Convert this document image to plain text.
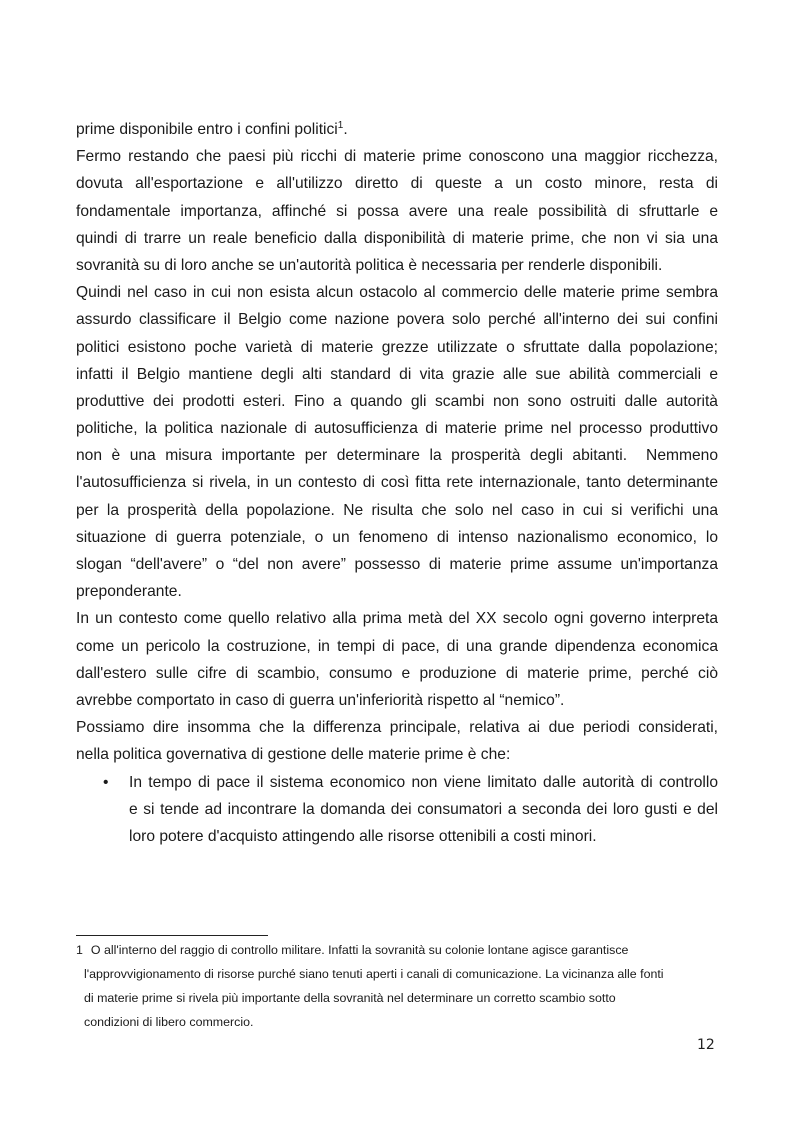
prime disponibile entro i confini politici$^1$.
Fermo restando che paesi più ricchi di materie prime conoscono una maggior ricchezza,
dovuta all'esportazione e all'utilizzo diretto di queste a un costo minore, resta di
fondamentale importanza, affinché si possa avere una reale possibilità di sfruttarle e
quindi di trarre un reale beneficio dalla disponibilità di materie prime, che non vi sia una
sovranità su di loro anche se un'autorità politica è necessaria per renderle disponibili.
Quindi nel caso in cui non esista alcun ostacolo al commercio delle materie prime sembra
assurdo classificare il Belgio come nazione povera solo perché all'interno dei sui confini
politici esistono poche varietà di materie grezze utilizzate o sfruttate dalla popolazione;
infatti il Belgio mantiene degli alti standard di vita grazie alle sue abilità commerciali e
produttive dei prodotti esteri. Fino a quando gli scambi non sono ostruiti dalle autorità
politiche, la politica nazionale di autosufficienza di materie prime nel processo produttivo
non è una misura importante per determinare la prosperità degli abitanti.  Nemmeno
l'autosufficienza si rivela, in un contesto di così fitta rete internazionale, tanto determinante
per la prosperità della popolazione. Ne risulta che solo nel caso in cui si verifichi una
situazione di guerra potenziale, o un fenomeno di intenso nazionalismo economico, lo
slogan “dell'avere” o “del non avere” possesso di materie prime assume un'importanza
preponderante.
In un contesto come quello relativo alla prima metà del XX secolo ogni governo interpreta
come un pericolo la costruzione, in tempi di pace, di una grande dipendenza economica
dall'estero sulle cifre di scambio, consumo e produzione di materie prime, perché ciò
avrebbe comportato in caso di guerra un'inferiorità rispetto al “nemico”.
Possiamo dire insomma che la differenza principale, relativa ai due periodi considerati,
nella politica governativa di gestione delle materie prime è che:
• In tempo di pace il sistema economico non viene limitato dalle autorità di controllo
e si tende ad incontrare la domanda dei consumatori a seconda dei loro gusti e del
loro potere d'acquisto attingendo alle risorse ottenibili a costi minori.
1 O all'interno del raggio di controllo militare. Infatti la sovranità su colonie lontane agisce garantisce
l'approvvigionamento di risorse purché siano tenuti aperti i canali di comunicazione. La vicinanza alle fonti
di materie prime si rivela più importante della sovranità nel determinare un corretto scambio sotto
condizioni di libero commercio.
12
